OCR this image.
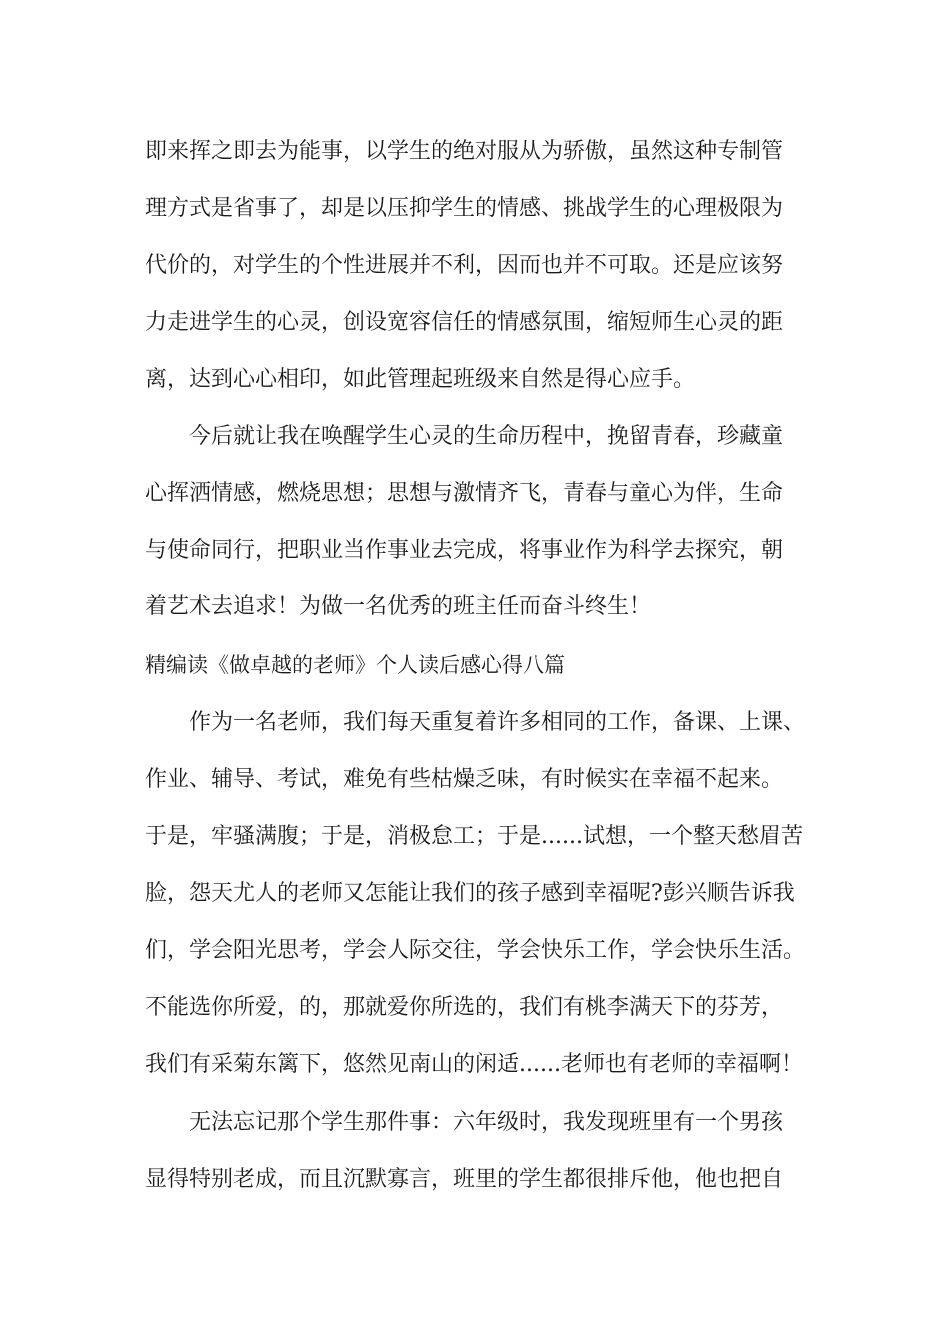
即来挥之即去为能事，以学生的绝对服从为骄傲，虽然这种专制管
理方式是省事了，却是以压抑学生的情感、挑战学生的心理极限为
代价的，对学生的个性进展并不利，因而也并不可取。还是应该努
力走进学生的心灵，创设宽容信任的情感氛围，缩短师生心灵的距
离，达到心心相印，如此管理起班级来自然是得心应手。
今后就让我在唤醒学生心灵的生命历程中，挽留青春，珍藏童
心挥洒情感，燃烧思想；思想与激情齐飞，青春与童心为伴，生命
与使命同行，把职业当作事业去完成，将事业作为科学去探究，朝
着艺术去追求！为做一名优秀的班主任而奋斗终生！
精编读《做卓越的老师》个人读后感心得八篇
作为一名老师，我们每天重复着许多相同的工作，备课、上课、
作业、辅导、考试，难免有些枯燥乏味，有时候实在幸福不起来。
于是，牢骚满腹；于是，消极怠工；于是......试想，一个整天愁眉苦
脸，怨天尤人的老师又怎能让我们的孩子感到幸福呢?彭兴顺告诉我
们，学会阳光思考，学会人际交往，学会快乐工作，学会快乐生活。
不能选你所爱，的，那就爱你所选的，我们有桃李满天下的芬芳，
我们有采菊东篱下，悠然见南山的闲适......老师也有老师的幸福啊！
无法忘记那个学生那件事：六年级时，我发现班里有一个男孩
显得特别老成，而且沉默寡言，班里的学生都很排斥他，他也把自
